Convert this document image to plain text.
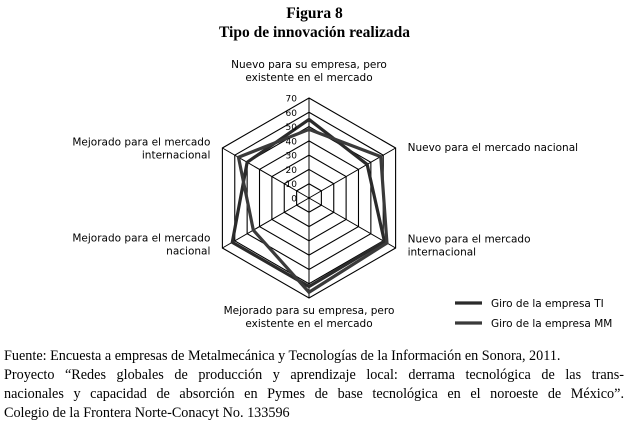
Figura 8
Tipo de innovación realizada
0
10
20
30
40
50
60
70
Nuevo para su empresa, pero
existente en el mercado
Nuevo para el mercado nacional
Nuevo para el mercado
internacional
Mejorado para su empresa, pero
existente en el mercado
Mejorado para el mercado
nacional
Mejorado para el mercado
internacional
Giro de la empresa TI
Giro de la empresa MM
Fuente: Encuesta a empresas de Metalmecánica y Tecnologías de la Información en Sonora, 2011.
Proyecto “Redes globales de producción y aprendizaje local: derrama tecnológica de las trans-
nacionales y capacidad de absorción en Pymes de base tecnológica en el noroeste de México”.
Colegio de la Frontera Norte-Conacyt No. 133596
